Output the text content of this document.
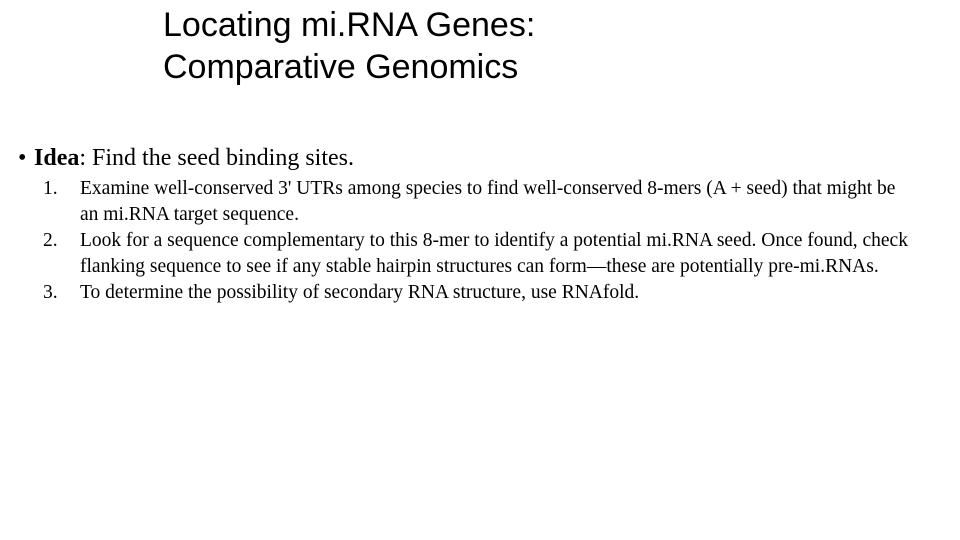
Locating mi.RNA Genes:
Comparative Genomics

• Idea: Find the seed binding sites.

1.	Examine well-conserved 3' UTRs among species to find well-conserved 8-mers (A + seed) that might be an mi.RNA target sequence.
2.	Look for a sequence complementary to this 8-mer to identify a potential mi.RNA seed. Once found, check flanking sequence to see if any stable hairpin structures can form—these are potentially pre-mi.RNAs.
3.	To determine the possibility of secondary RNA structure, use RNAfold.
